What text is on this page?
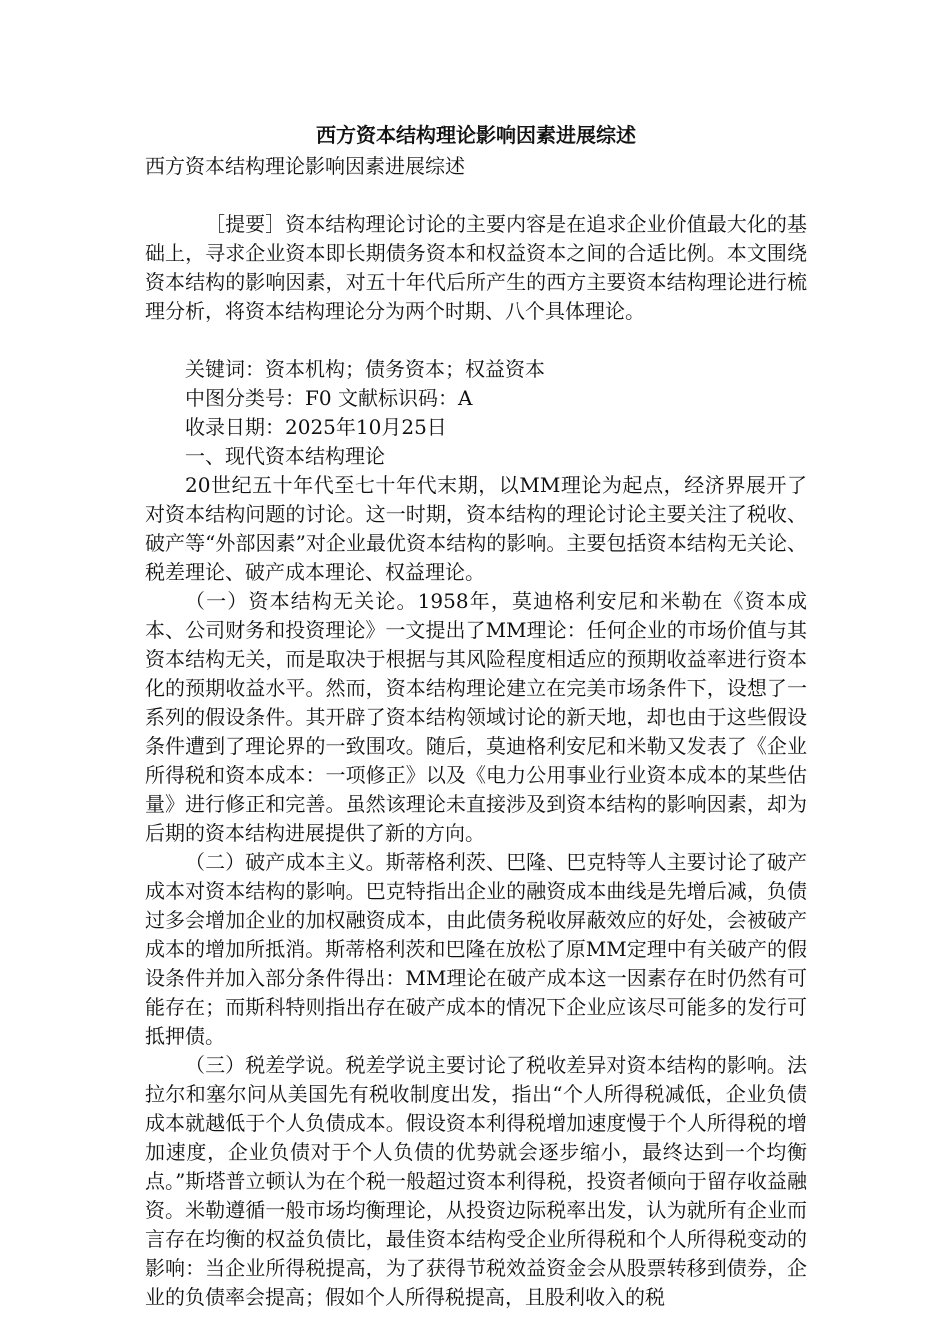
西方资本结构理论影响因素进展综述

西方资本结构理论影响因素进展综述

［提要］资本结构理论讨论的主要内容是在追求企业价值最大化的基础上，寻求企业资本即长期债务资本和权益资本之间的合适比例。本文围绕资本结构的影响因素，对五十年代后所产生的西方主要资本结构理论进行梳理分析，将资本结构理论分为两个时期、八个具体理论。

关键词：资本机构；债务资本；权益资本

中图分类号：F0 文献标识码：A

收录日期：2025年10月25日

一、现代资本结构理论

20世纪五十年代至七十年代末期，以MM理论为起点，经济界展开了对资本结构问题的讨论。这一时期，资本结构的理论讨论主要关注了税收、破产等“外部因素”对企业最优资本结构的影响。主要包括资本结构无关论、税差理论、破产成本理论、权益理论。

（一）资本结构无关论。1958年，莫迪格利安尼和米勒在《资本成本、公司财务和投资理论》一文提出了MM理论：任何企业的市场价值与其资本结构无关，而是取决于根据与其风险程度相适应的预期收益率进行资本化的预期收益水平。然而，资本结构理论建立在完美市场条件下，设想了一系列的假设条件。其开辟了资本结构领域讨论的新天地，却也由于这些假设条件遭到了理论界的一致围攻。随后，莫迪格利安尼和米勒又发表了《企业所得税和资本成本：一项修正》以及《电力公用事业行业资本成本的某些估量》进行修正和完善。虽然该理论未直接涉及到资本结构的影响因素，却为后期的资本结构进展提供了新的方向。

（二）破产成本主义。斯蒂格利茨、巴隆、巴克特等人主要讨论了破产成本对资本结构的影响。巴克特指出企业的融资成本曲线是先增后减，负债过多会增加企业的加权融资成本，由此债务税收屏蔽效应的好处，会被破产成本的增加所抵消。斯蒂格利茨和巴隆在放松了原MM定理中有关破产的假设条件并加入部分条件得出：MM理论在破产成本这一因素存在时仍然有可能存在；而斯科特则指出存在破产成本的情况下企业应该尽可能多的发行可抵押债。

（三）税差学说。税差学说主要讨论了税收差异对资本结构的影响。法拉尔和塞尔问从美国先有税收制度出发，指出“个人所得税减低，企业负债成本就越低于个人负债成本。假设资本利得税增加速度慢于个人所得税的增加速度，企业负债对于个人负债的优势就会逐步缩小，最终达到一个均衡点。”斯塔普立顿认为在个税一般超过资本利得税，投资者倾向于留存收益融资。米勒遵循一般市场均衡理论，从投资边际税率出发，认为就所有企业而言存在均衡的权益负债比，最佳资本结构受企业所得税和个人所得税变动的影响：当企业所得税提高，为了获得节税效益资金会从股票转移到债券，企业的负债率会提高；假如个人所得税提高，且股利收入的税
